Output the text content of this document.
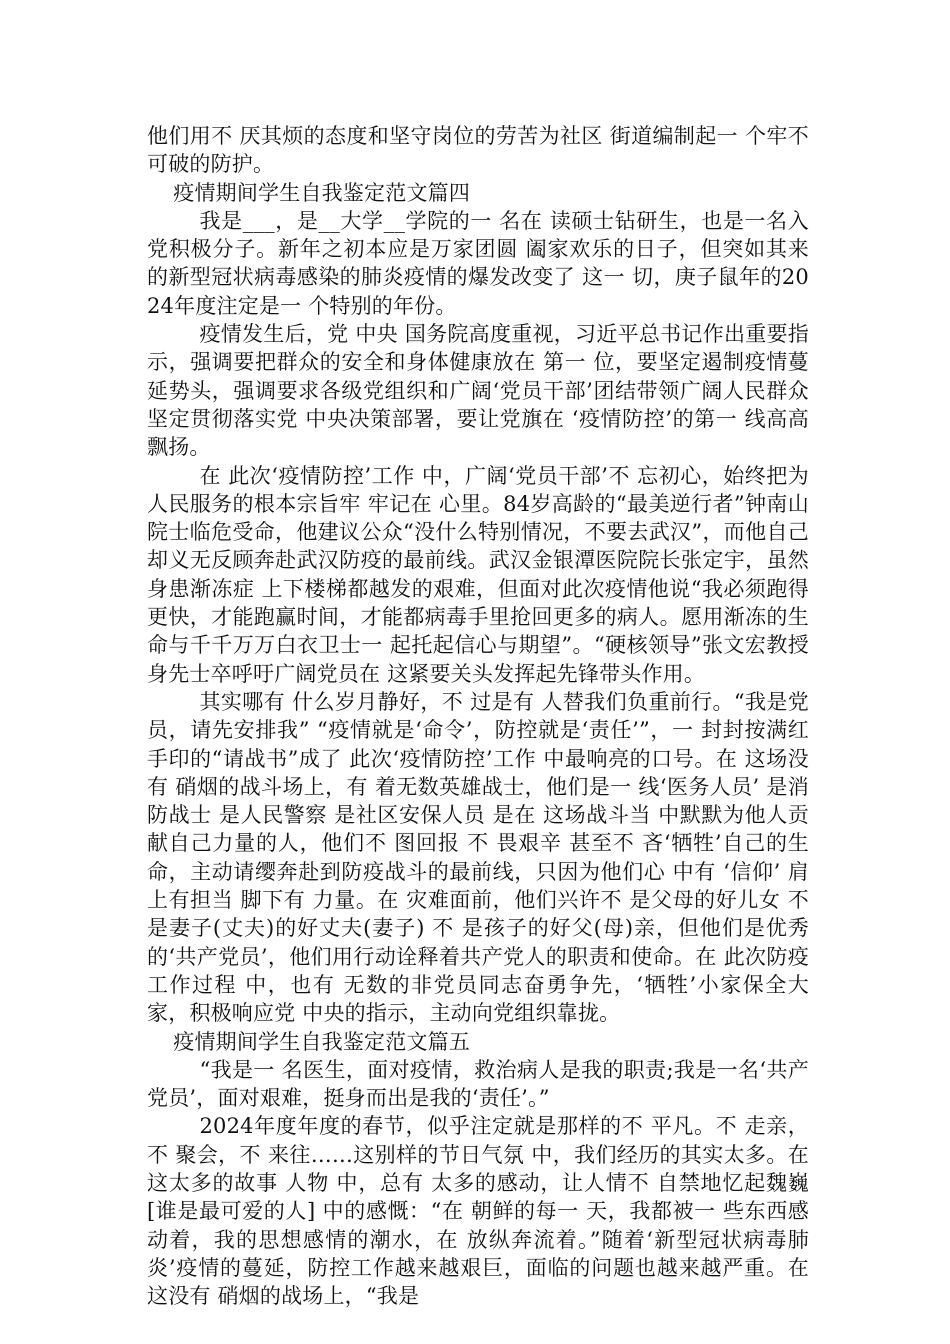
他们用不 厌其烦的态度和坚守岗位的劳苦为社区 街道编制起一 个牢不 可破的防护。

疫情期间学生自我鉴定范文篇四

我是___，是__大学__学院的一 名在 读硕士钻研生，也是一名入党积极分子。新年之初本应是万家团圆 阖家欢乐的日子，但突如其来的新型冠状病毒感染的肺炎疫情的爆发改变了 这一 切，庚子鼠年的2024年度注定是一 个特别的年份。

疫情发生后，党 中央 国务院高度重视，习近平总书记作出重要指示，强调要把群众的安全和身体健康放在 第一 位，要坚定遏制疫情蔓延势头，强调要求各级党组织和广阔‘党员干部’团结带领广阔人民群众坚定贯彻落实党 中央决策部署，要让党旗在 ‘疫情防控’的第一 线高高飘扬。

在 此次‘疫情防控’工作 中，广阔‘党员干部’不 忘初心，始终把为人民服务的根本宗旨牢 牢记在 心里。84岁高龄的“最美逆行者”钟南山院士临危受命，他建议公众“没什么特别情况，不要去武汉”，而他自己却义无反顾奔赴武汉防疫的最前线。武汉金银潭医院院长张定宇，虽然身患渐冻症 上下楼梯都越发的艰难，但面对此次疫情他说“我必须跑得更快，才能跑赢时间，才能都病毒手里抢回更多的病人。愿用渐冻的生命与千千万万白衣卫士一 起托起信心与期望”。“硬核领导”张文宏教授身先士卒呼吁广阔党员在 这紧要关头发挥起先锋带头作用。

其实哪有 什么岁月静好，不 过是有 人替我们负重前行。“我是党员，请先安排我” “疫情就是‘命令’，防控就是‘责任’”，一 封封按满红手印的“请战书”成了 此次‘疫情防控’工作 中最响亮的口号。在 这场没有 硝烟的战斗场上，有 着无数英雄战士，他们是一 线‘医务人员’ 是消防战士 是人民警察 是社区安保人员 是在 这场战斗当 中默默为他人贡献自己力量的人，他们不 图回报 不 畏艰辛 甚至不 吝‘牺牲’自己的生命，主动请缨奔赴到防疫战斗的最前线，只因为他们心 中有 ‘信仰’ 肩上有担当 脚下有 力量。在 灾难面前，他们兴许不 是父母的好儿女 不是妻子(丈夫)的好丈夫(妻子) 不 是孩子的好父(母)亲，但他们是优秀的‘共产党员’，他们用行动诠释着共产党人的职责和使命。在 此次防疫工作过程 中，也有 无数的非党员同志奋勇争先，‘牺牲’小家保全大家，积极响应党 中央的指示，主动向党组织靠拢。

疫情期间学生自我鉴定范文篇五

“我是一 名医生，面对疫情，救治病人是我的职责;我是一名‘共产党员’，面对艰难，挺身而出是我的‘责任’。”

2024年度年度的春节，似乎注定就是那样的不 平凡。不 走亲，不 聚会，不 来往……这别样的节日气氛 中，我们经历的其实太多。在 这太多的故事 人物 中，总有 太多的感动，让人情不 自禁地忆起魏巍[谁是最可爱的人] 中的感慨：“在 朝鲜的每一 天，我都被一 些东西感动着，我的思想感情的潮水，在 放纵奔流着。”随着‘新型冠状病毒肺炎’疫情的蔓延，防控工作越来越艰巨，面临的问题也越来越严重。在 这没有 硝烟的战场上，“我是
